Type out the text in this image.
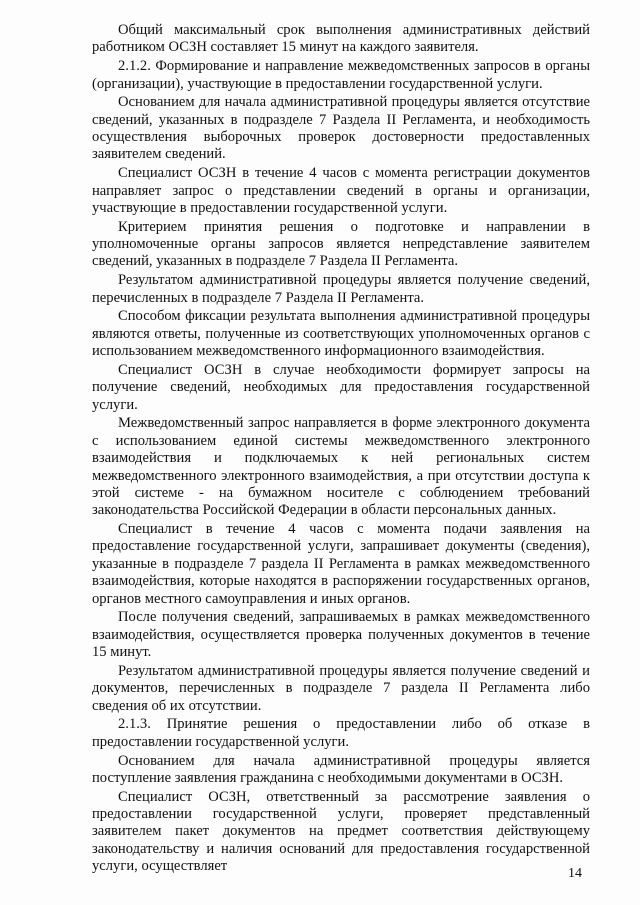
Общий максимальный срок выполнения административных действий работником ОСЗН составляет 15 минут на каждого заявителя.

2.1.2. Формирование и направление межведомственных запросов в органы (организации), участвующие в предоставлении государственной услуги.

Основанием для начала административной процедуры является отсутствие сведений, указанных в подразделе 7 Раздела II Регламента, и необходимость осуществления выборочных проверок достоверности предоставленных заявителем сведений.

Специалист ОСЗН в течение 4 часов с момента регистрации документов направляет запрос о представлении сведений в органы и организации, участвующие в предоставлении государственной услуги.

Критерием принятия решения о подготовке и направлении в уполномоченные органы запросов является непредставление заявителем сведений, указанных в подразделе 7 Раздела II Регламента.

Результатом административной процедуры является получение сведений, перечисленных в подразделе 7 Раздела II Регламента.

Способом фиксации результата выполнения административной процедуры являются ответы, полученные из соответствующих уполномоченных органов с использованием межведомственного информационного взаимодействия.

Специалист ОСЗН в случае необходимости формирует запросы на получение сведений, необходимых для предоставления государственной услуги.

Межведомственный запрос направляется в форме электронного документа с использованием единой системы межведомственного электронного взаимодействия и подключаемых к ней региональных систем межведомственного электронного взаимодействия, а при отсутствии доступа к этой системе - на бумажном носителе с соблюдением требований законодательства Российской Федерации в области персональных данных.

Специалист в течение 4 часов с момента подачи заявления на предоставление государственной услуги, запрашивает документы (сведения), указанные в подразделе 7 раздела II Регламента в рамках межведомственного взаимодействия, которые находятся в распоряжении государственных органов, органов местного самоуправления и иных органов.

После получения сведений, запрашиваемых в рамках межведомственного взаимодействия, осуществляется проверка полученных документов в течение 15 минут.

Результатом административной процедуры является получение сведений и документов, перечисленных в подразделе 7 раздела II Регламента либо сведения об их отсутствии.

2.1.3. Принятие решения о предоставлении либо об отказе в предоставлении государственной услуги.

Основанием для начала административной процедуры является поступление заявления гражданина с необходимыми документами в ОСЗН.

Специалист ОСЗН, ответственный за рассмотрение заявления о предоставлении государственной услуги, проверяет представленный заявителем пакет документов на предмет соответствия действующему законодательству и наличия оснований для предоставления государственной услуги, осуществляет	14
